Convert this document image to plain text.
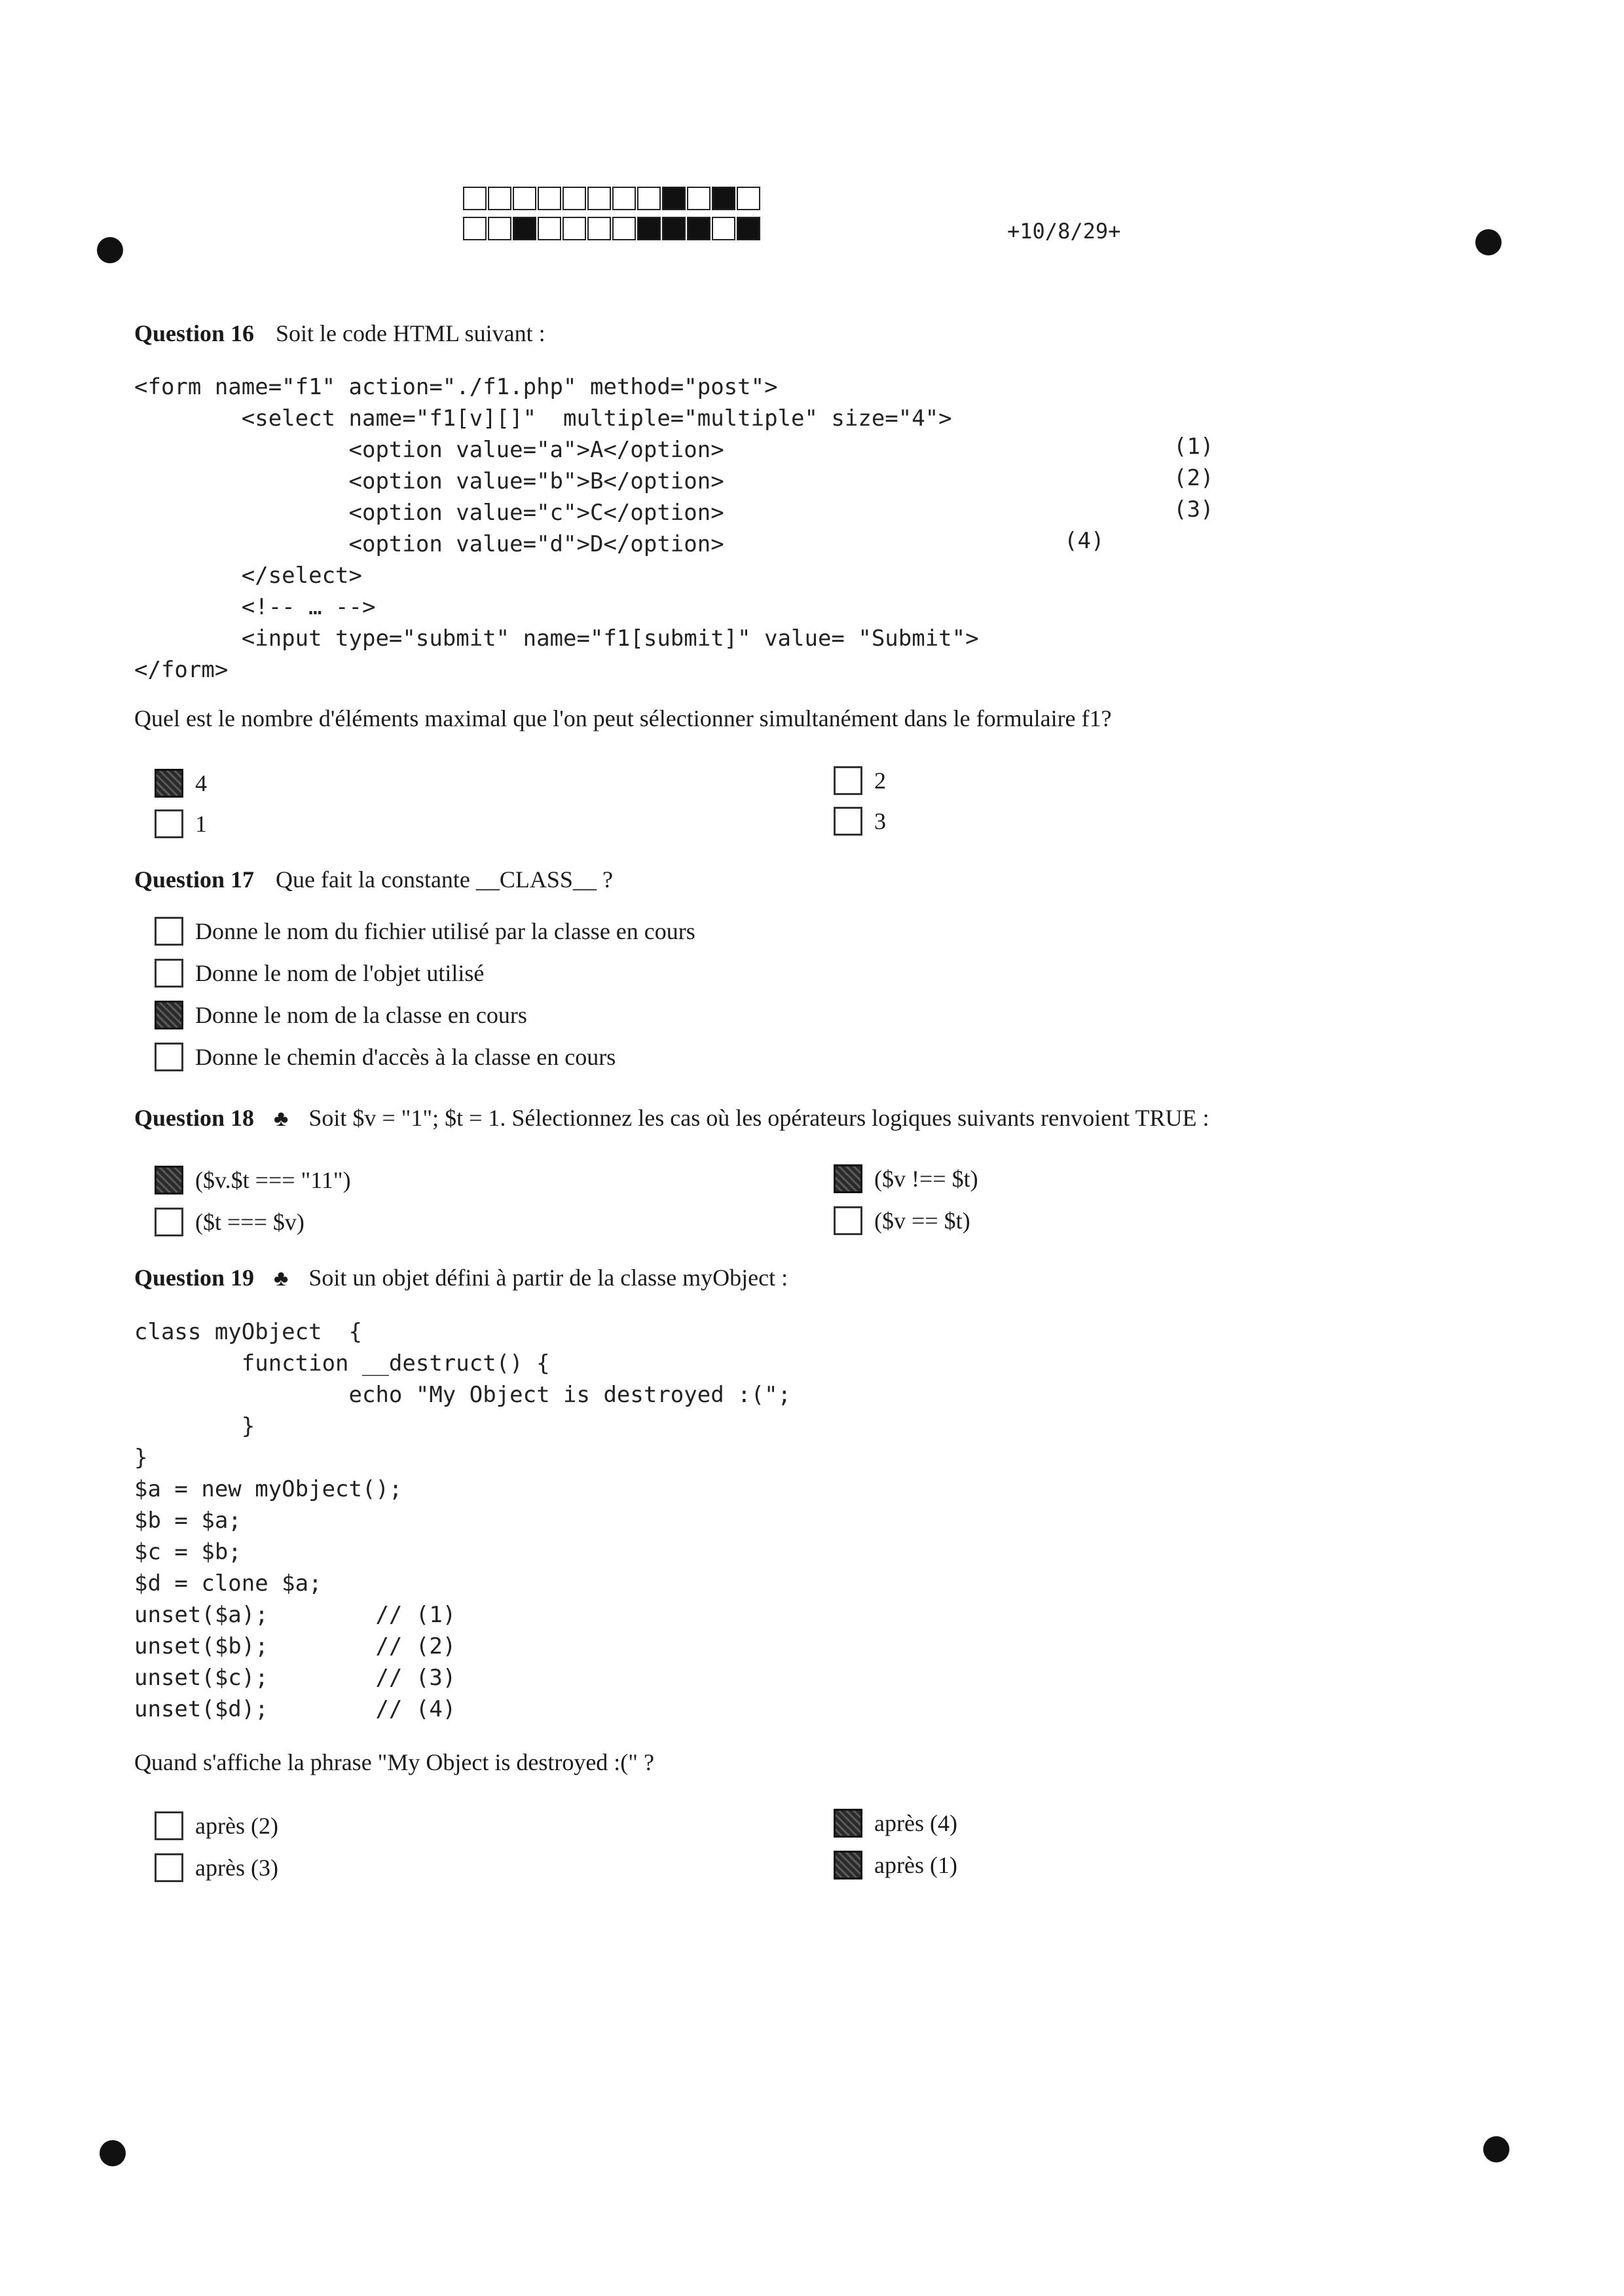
+10/8/29+
Question 16 Soit le code HTML suivant :
<form name="f1" action="./f1.php" method="post">
<select name="f1[v][]"  multiple="multiple" size="4">
<option value="a">A</option>
<option value="b">B</option>
<option value="c">C</option>
<option value="d">D</option>
</select>
<!-- … -->
<input type="submit" name="f1[submit]" value= "Submit">
</form>
(1)
(2)
(3)
(4)
Quel est le nombre d'éléments maximal que l'on peut sélectionner simultanément dans le formulaire f1?
4
1
2
3
Question 17 Que fait la constante __CLASS__ ?
Donne le nom du fichier utilisé par la classe en cours
Donne le nom de l'objet utilisé
Donne le nom de la classe en cours
Donne le chemin d'accès à la classe en cours
Question 18 ♣ Soit $v = "1"; $t = 1. Sélectionnez les cas où les opérateurs logiques suivants renvoient TRUE :
($v.$t === "11")
($t === $v)
($v !== $t)
($v == $t)
Question 19 ♣ Soit un objet défini à partir de la classe myObject :
class myObject  {
function __destruct() {
echo "My Object is destroyed :(";
}
}
$a = new myObject();
$b = $a;
$c = $b;
$d = clone $a;
unset($a);        // (1)
unset($b);        // (2)
unset($c);        // (3)
unset($d);        // (4)
Quand s'affiche la phrase "My Object is destroyed :(" ?
après (2)
après (3)
après (4)
après (1)
